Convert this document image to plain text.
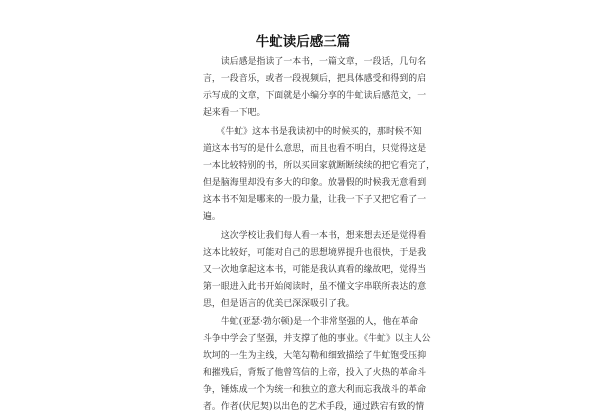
牛虻读后感三篇
　　读后感是指读了一本书，一篇文章，一段话，几句名
言，一段音乐，或者一段视频后，把具体感受和得到的启
示写成的文章，下面就是小编分享的牛虻读后感范文，一
起来看一下吧。
　　《牛虻》这本书是我读初中的时候买的，那时候不知
道这本书写的是什么意思，而且也看不明白，只觉得这是
一本比较特别的书，所以买回家就断断续续的把它看完了，
但是脑海里却没有多大的印象。放暑假的时候我无意看到
这本书不知是哪来的一股力量，让我一下子又把它看了一
遍。
　　这次学校让我们每人看一本书，想来想去还是觉得看
这本比较好，可能对自己的思想境界提升也很快，于是我
又一次地拿起这本书，可能是我认真看的缘故吧，觉得当
第一眼进入此书开始阅读时，虽不懂文字串联所表达的意
思，但是语言的优美已深深吸引了我。
　　牛虻(亚瑟·勃尔顿)是一个非常坚强的人，他在革命
斗争中学会了坚强，并支撑了他的事业。《牛虻》以主人公
坎坷的一生为主线，大笔勾勒和细致描绘了牛虻饱受压抑
和摧残后，背叛了他曾笃信的上帝，投入了火热的革命斗
争，锤炼成一个为统一和独立的意大利而忘我战斗的革命
者。作者(伏尼契)以出色的艺术手段，通过跌宕有致的情
